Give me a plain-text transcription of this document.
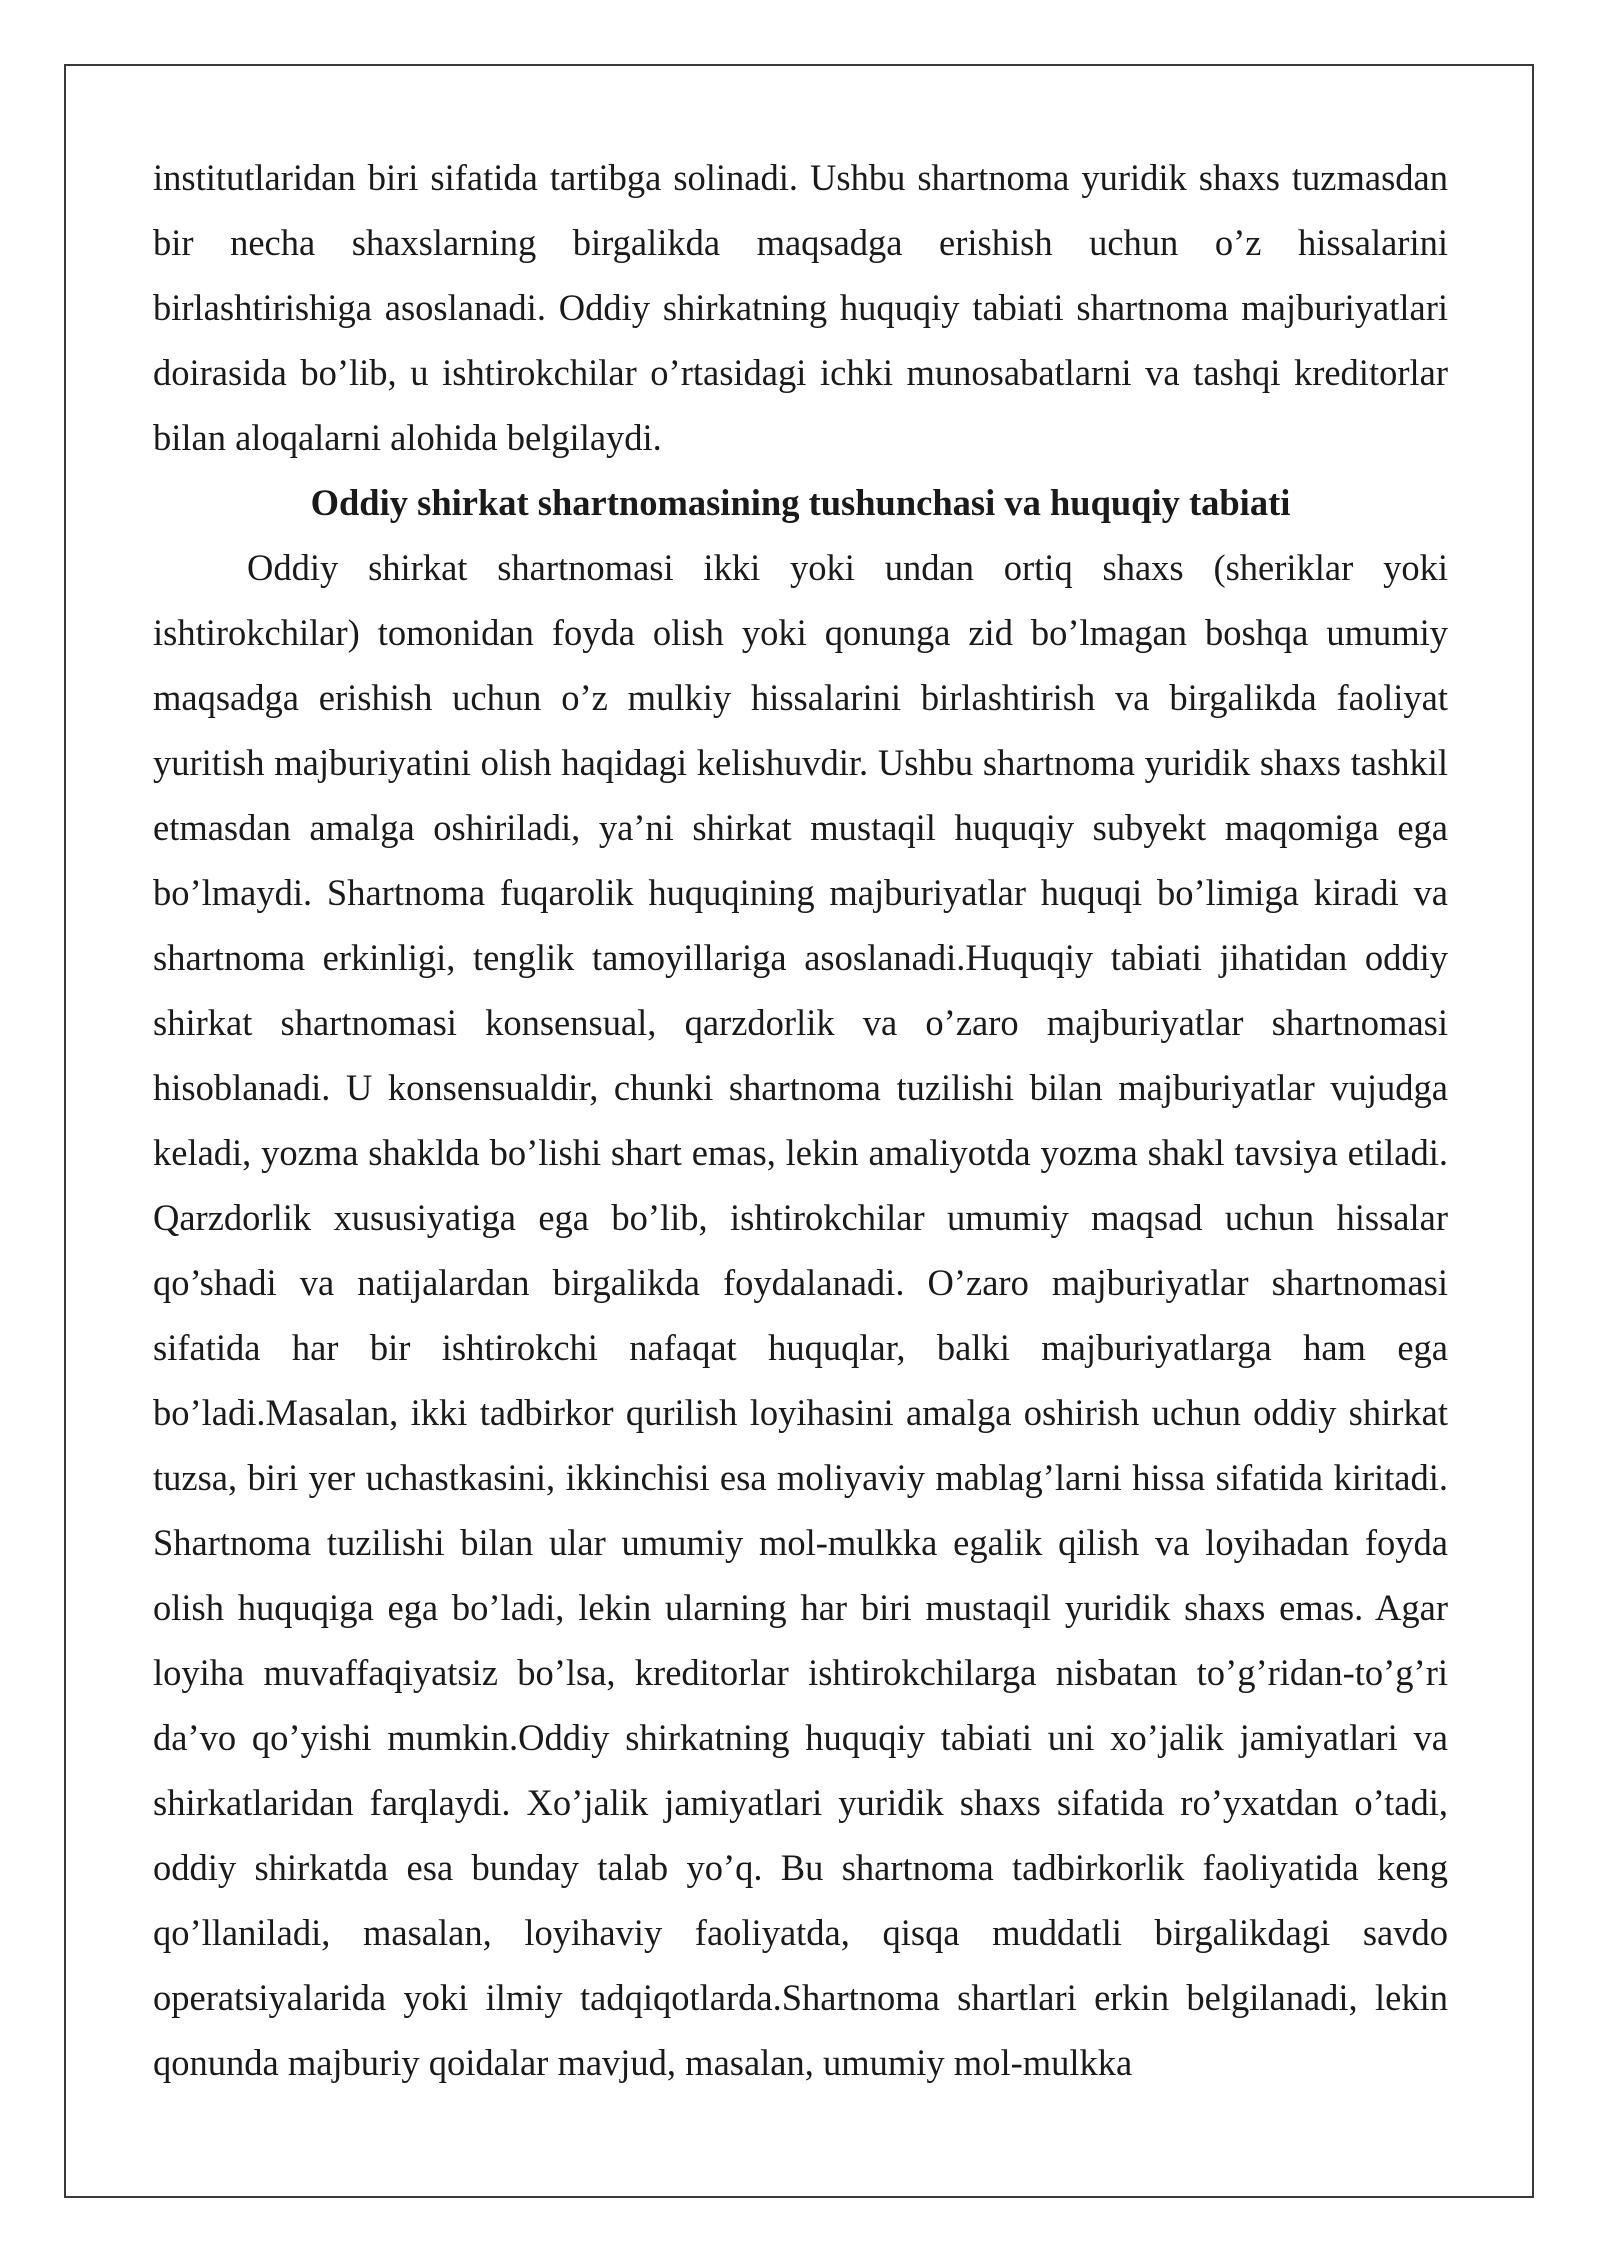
institutlaridan biri sifatida tartibga solinadi. Ushbu shartnoma yuridik shaxs tuzmasdan bir necha shaxslarning birgalikda maqsadga erishish uchun o’z hissalarini birlashtirishiga asoslanadi. Oddiy shirkatning huquqiy tabiati shartnoma majburiyatlari doirasida bo’lib, u ishtirokchilar o’rtasidagi ichki munosabatlarni va tashqi kreditorlar bilan aloqalarni alohida belgilaydi.

Oddiy shirkat shartnomasining tushunchasi va huquqiy tabiati

Oddiy shirkat shartnomasi ikki yoki undan ortiq shaxs (sheriklar yoki ishtirokchilar) tomonidan foyda olish yoki qonunga zid bo’lmagan boshqa umumiy maqsadga erishish uchun o’z mulkiy hissalarini birlashtirish va birgalikda faoliyat yuritish majburiyatini olish haqidagi kelishuvdir. Ushbu shartnoma yuridik shaxs tashkil etmasdan amalga oshiriladi, ya’ni shirkat mustaqil huquqiy subyekt maqomiga ega bo’lmaydi. Shartnoma fuqarolik huquqining majburiyatlar huquqi bo’limiga kiradi va shartnoma erkinligi, tenglik tamoyillariga asoslanadi.Huquqiy tabiati jihatidan oddiy shirkat shartnomasi konsensual, qarzdorlik va o’zaro majburiyatlar shartnomasi hisoblanadi. U konsensualdir, chunki shartnoma tuzilishi bilan majburiyatlar vujudga keladi, yozma shaklda bo’lishi shart emas, lekin amaliyotda yozma shakl tavsiya etiladi. Qarzdorlik xususiyatiga ega bo’lib, ishtirokchilar umumiy maqsad uchun hissalar qo’shadi va natijalardan birgalikda foydalanadi. O’zaro majburiyatlar shartnomasi sifatida har bir ishtirokchi nafaqat huquqlar, balki majburiyatlarga ham ega bo’ladi.Masalan, ikki tadbirkor qurilish loyihasini amalga oshirish uchun oddiy shirkat tuzsa, biri yer uchastkasini, ikkinchisi esa moliyaviy mablag’larni hissa sifatida kiritadi. Shartnoma tuzilishi bilan ular umumiy mol-mulkka egalik qilish va loyihadan foyda olish huquqiga ega bo’ladi, lekin ularning har biri mustaqil yuridik shaxs emas. Agar loyiha muvaffaqiyatsiz bo’lsa, kreditorlar ishtirokchilarga nisbatan to’g’ridan-to’g’ri da’vo qo’yishi mumkin.Oddiy shirkatning huquqiy tabiati uni xo’jalik jamiyatlari va shirkatlaridan farqlaydi. Xo’jalik jamiyatlari yuridik shaxs sifatida ro’yxatdan o’tadi, oddiy shirkatda esa bunday talab yo’q. Bu shartnoma tadbirkorlik faoliyatida keng qo’llaniladi, masalan, loyihaviy faoliyatda, qisqa muddatli birgalikdagi savdo operatsiyalarida yoki ilmiy tadqiqotlarda.Shartnoma shartlari erkin belgilanadi, lekin qonunda majburiy qoidalar mavjud, masalan, umumiy mol-mulkka
